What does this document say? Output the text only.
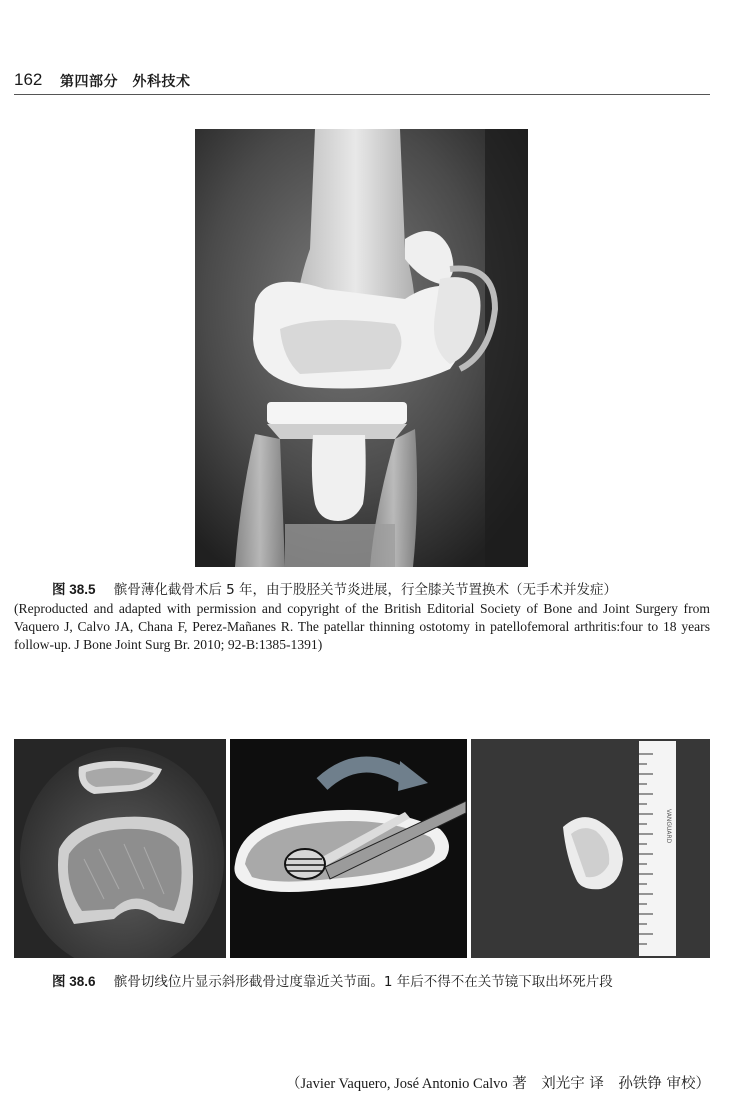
162 第四部分　外科技术
图 38.5 髌骨薄化截骨术后 5 年，由于股胫关节炎进展，行全膝关节置换术（无手术并发症）
(Reproducted and adapted with permission and copyright of the British Editorial Society of Bone and Joint Surgery from Vaquero J, Calvo JA, Chana F, Perez-Mañanes R. The patellar thinning ostotomy in patellofemoral arthritis:four to 18 years follow-up. J Bone Joint Surg Br. 2010; 92-B:1385-1391)
VANGUARD
图 38.6 髌骨切线位片显示斜形截骨过度靠近关节面。1 年后不得不在关节镜下取出坏死片段
（Javier Vaquero, José Antonio Calvo 著　刘光宇 译　孙铁铮 审校）
